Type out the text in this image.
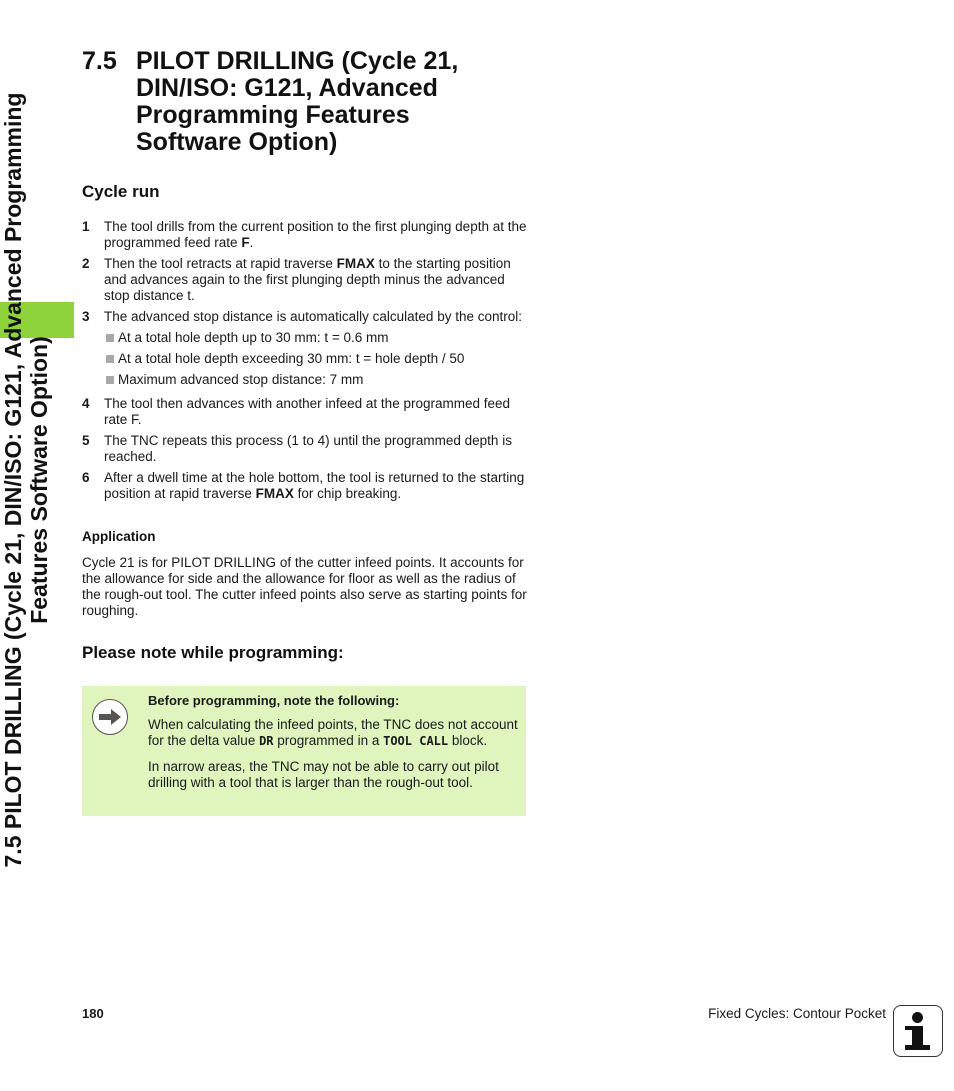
7.5 PILOT DRILLING (Cycle 21, DIN/ISO: G121, Advanced Programming Features Software Option)
7.5 PILOT DRILLING (Cycle 21,
DIN/ISO: G121, Advanced
Programming Features
Software Option)
Cycle run
1 The tool drills from the current position to the first plunging depth at the programmed feed rate F.
2 Then the tool retracts at rapid traverse FMAX to the starting position and advances again to the first plunging depth minus the advanced stop distance t.
3 The advanced stop distance is automatically calculated by the control:
At a total hole depth up to 30 mm: t = 0.6 mm
At a total hole depth exceeding 30 mm: t = hole depth / 50
Maximum advanced stop distance: 7 mm
4 The tool then advances with another infeed at the programmed feed rate F.
5 The TNC repeats this process (1 to 4) until the programmed depth is reached.
6 After a dwell time at the hole bottom, the tool is returned to the starting position at rapid traverse FMAX for chip breaking.
Application

Cycle 21 is for PILOT DRILLING of the cutter infeed points. It accounts for the allowance for side and the allowance for floor as well as the radius of the rough-out tool. The cutter infeed points also serve as starting points for roughing.

Please note while programming:
Before programming, note the following:

When calculating the infeed points, the TNC does not account for the delta value DR programmed in a TOOL CALL block.

In narrow areas, the TNC may not be able to carry out pilot drilling with a tool that is larger than the rough-out tool.

180	Fixed Cycles: Contour Pocket
